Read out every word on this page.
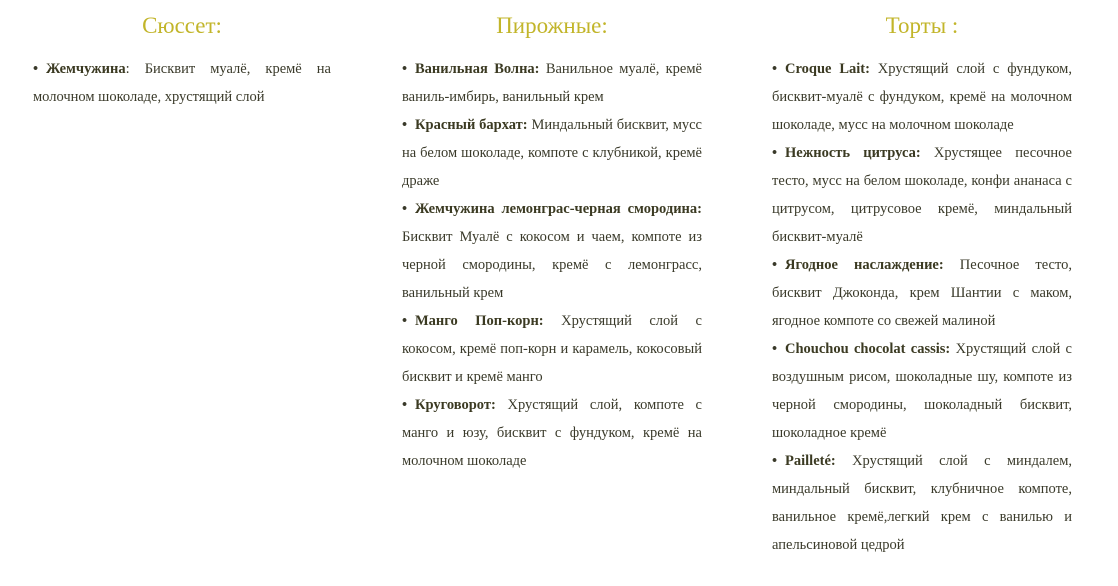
Сюссет:
• Жемчужина: Бисквит муалё, кремё на молочном шоколаде, хрустящий слой
Пирожные:
• Ванильная Волна: Ванильное муалё, кремё ваниль-имбирь, ванильный крем
• Красный бархат: Миндальный бисквит, мусс на белом шоколаде, компоте с клубникой, кремё драже
• Жемчужина лемонграс-черная смородина: Бисквит Муалё с кокосом и чаем, компоте из черной смородины, кремё с лемонграсс, ванильный крем
• Манго Поп-корн: Хрустящий слой с кокосом, кремё поп-корн и карамель, кокосовый бисквит и кремё манго
• Круговорот: Хрустящий слой, компоте с манго и юзу, бисквит с фундуком, кремё на молочном шоколаде
Торты :
• Croque Lait: Хрустящий слой с фундуком, бисквит-муалё с фундуком, кремё на молочном шоколаде, мусс на молочном шоколаде
• Нежность цитруса: Хрустящее песочное тесто, мусс на белом шоколаде, конфи ананаса с цитрусом, цитрусовое кремё, миндальный бисквит-муалё
• Ягодное наслаждение: Песочное тесто, бисквит Джоконда, крем Шантии с маком, ягодное компоте со свежей малиной
• Chouchou chocolat cassis: Хрустящий слой с воздушным рисом, шоколадные шу, компоте из черной смородины, шоколадный бисквит, шоколадное кремё
• Pailleté: Хрустящий слой с миндалем, миндальный бисквит, клубничное компоте, ванильное кремё,легкий крем с ванилью и апельсиновой цедрой
